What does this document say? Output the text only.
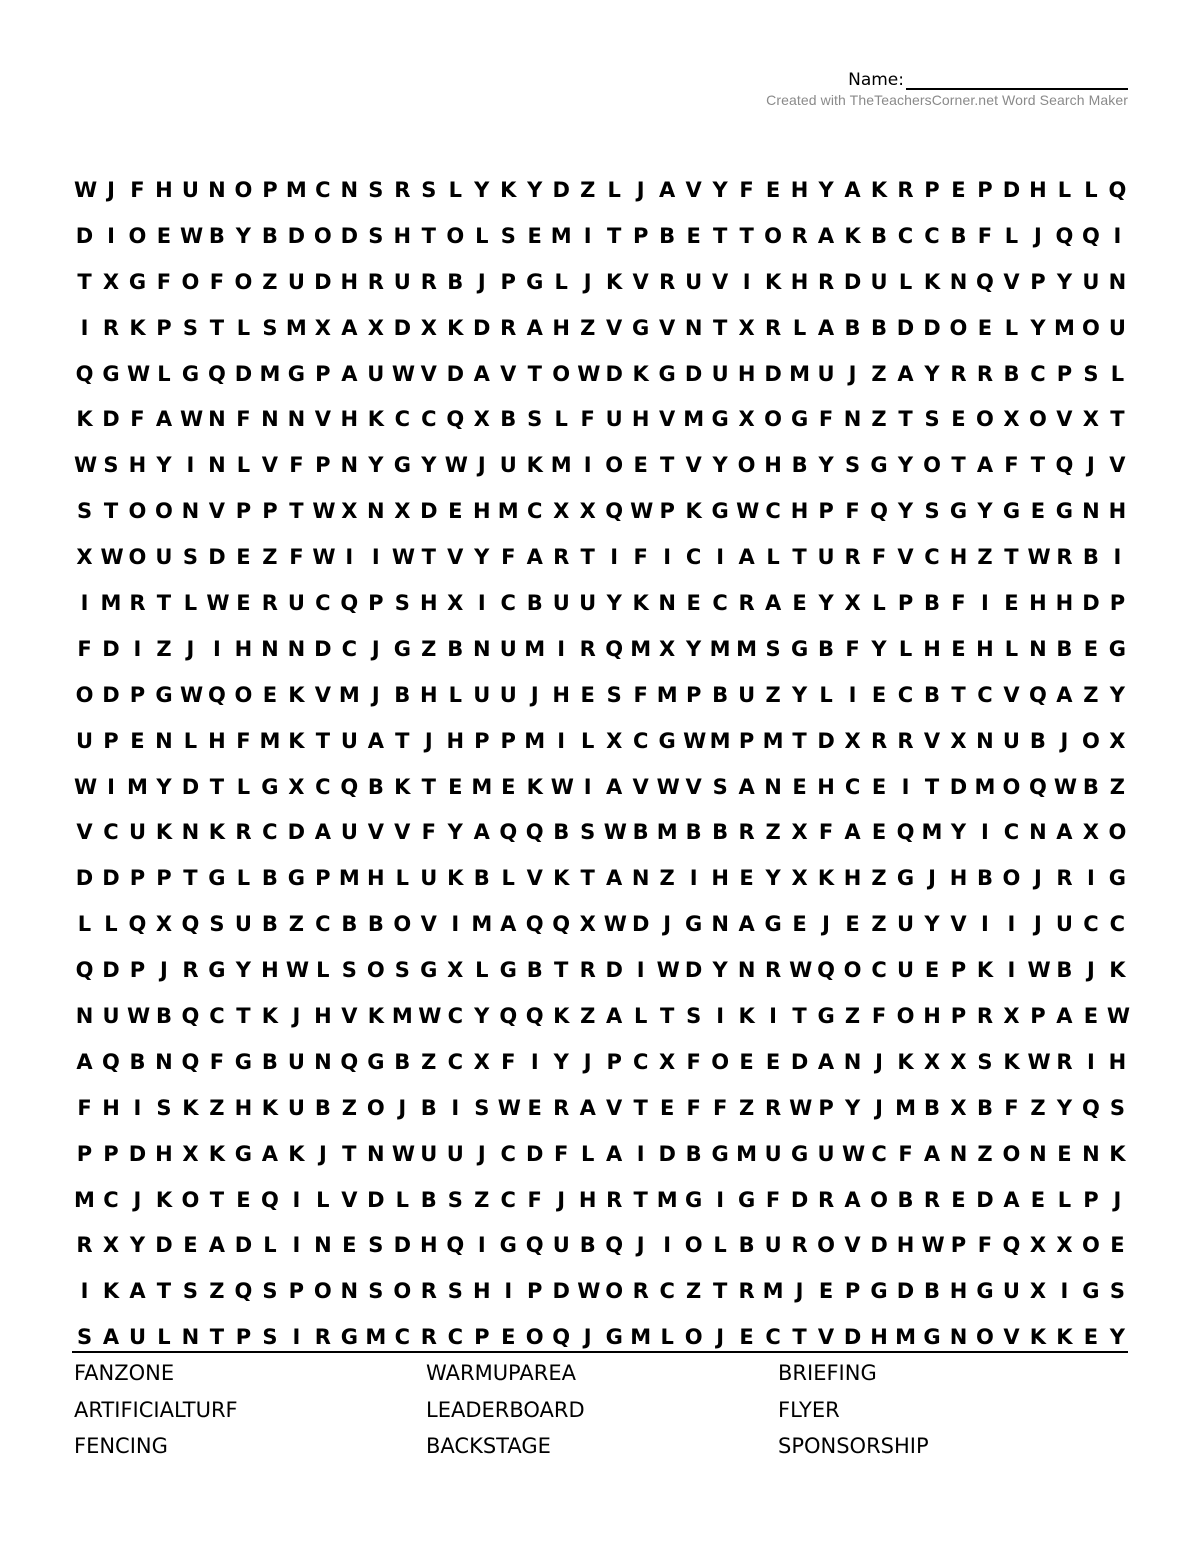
Name:
Created with TheTeachersCorner.net Word Search Maker
W J F H U N O P M C N S R S L Y K Y D Z L J A V Y F E H Y A K R P E P D H L L Q
D I O E W B Y B D O D S H T O L S E M I T P B E T T O R A K B C C B F L J Q Q I
T X G F O F O Z U D H R U R B J P G L J K V R U V I K H R D U L K N Q V P Y U N
I R K P S T L S M X A X D X K D R A H Z V G V N T X R L A B B D D O E L Y M O U
Q G W L G Q D M G P A U W V D A V T O W D K G D U H D M U J Z A Y R R B C P S L
K D F A W N F N N V H K C C Q X B S L F U H V M G X O G F N Z T S E O X O V X T
W S H Y I N L V F P N Y G Y W J U K M I O E T V Y O H B Y S G Y O T A F T Q J V
S T O O N V P P T W X N X D E H M C X X Q W P K G W C H P F Q Y S G Y G E G N H
X W O U S D E Z F W I I W T V Y F A R T I F I C I A L T U R F V C H Z T W R B I
I M R T L W E R U C Q P S H X I C B U U Y K N E C R A E Y X L P B F I E H H D P
F D I Z J I H N N D C J G Z B N U M I R Q M X Y M M S G B F Y L H E H L N B E G
O D P G W Q O E K V M J B H L U U J H E S F M P B U Z Y L I E C B T C V Q A Z Y
U P E N L H F M K T U A T J H P P M I L X C G W M P M T D X R R V X N U B J O X
W I M Y D T L G X C Q B K T E M E K W I A V W V S A N E H C E I T D M O Q W B Z
V C U K N K R C D A U V V F Y A Q Q B S W B M B B R Z X F A E Q M Y I C N A X O
D D P P T G L B G P M H L U K B L V K T A N Z I H E Y X K H Z G J H B O J R I G
L L Q X Q S U B Z C B B O V I M A Q Q X W D J G N A G E J E Z U Y V I I J U C C
Q D P J R G Y H W L S O S G X L G B T R D I W D Y N R W Q O C U E P K I W B J K
N U W B Q C T K J H V K M W C Y Q Q K Z A L T S I K I T G Z F O H P R X P A E W
A Q B N Q F G B U N Q G B Z C X F I Y J P C X F O E E D A N J K X X S K W R I H
F H I S K Z H K U B Z O J B I S W E R A V T E F F Z R W P Y J M B X B F Z Y Q S
P P D H X K G A K J T N W U U J C D F L A I D B G M U G U W C F A N Z O N E N K
M C J K O T E Q I L V D L B S Z C F J H R T M G I G F D R A O B R E D A E L P J
R X Y D E A D L I N E S D H Q I G Q U B Q J I O L B U R O V D H W P F Q X X O E
I K A T S Z Q S P O N S O R S H I P D W O R C Z T R M J E P G D B H G U X I G S
S A U L N T P S I R G M C R C P E O Q J G M L O J E C T V D H M G N O V K K E Y
FANZONE	WARMUPAREA	BRIEFING
ARTIFICIALTURF	LEADERBOARD	FLYER
FENCING	BACKSTAGE	SPONSORSHIP
